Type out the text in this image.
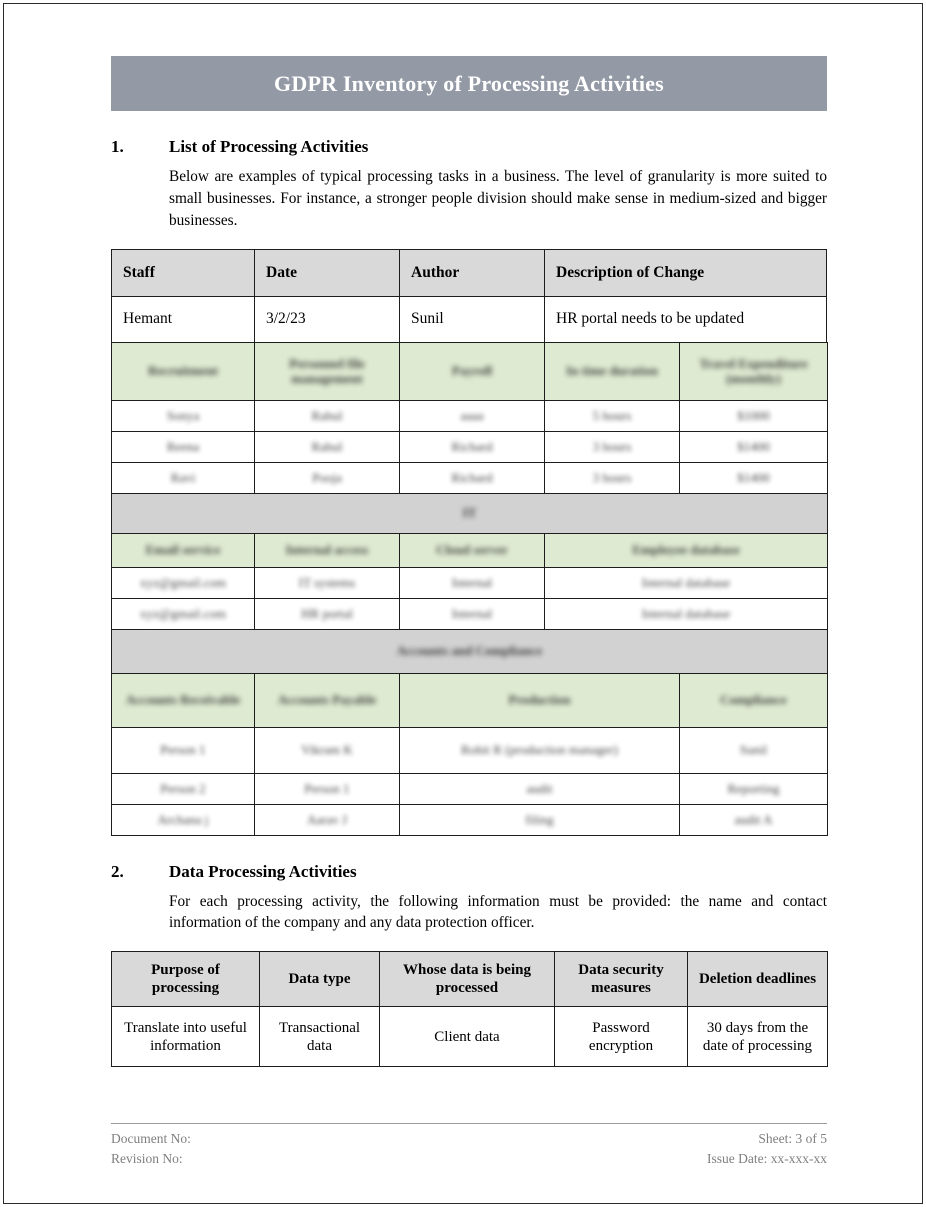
GDPR Inventory of Processing Activities
1.	List of Processing Activities
Below are examples of typical processing tasks in a business. The level of granularity is more suited to small businesses. For instance, a stronger people division should make sense in medium-sized and bigger businesses.
Staff	Date	Author	Description of Change
Hemant	3/2/23	Sunil	HR portal needs to be updated
Recruitment	Personnel file management	Payroll	In time duration	Travel Expenditure (monthly)
Sonya	Rahul	aaaa	5 hours	$1000
Reena	Rahul	Richard	3 hours	$1400
Ravi	Pooja	Richard	3 hours	$1400
IT				
Email service	Internal access	Cloud server	Employee database	
xyz@gmail.com	IT systems	Internal	Internal database	
xyz@gmail.com	HR portal	Internal	Internal database	
Accounts and Compliance				
Accounts Receivable	Accounts Payable	Production		Compliance
Person 1	Vikram K	Rohit R (production manager)		Sunil
Person 2	Person 1	audit		Reporting
Archana j	Aarav J	filing		audit A
2.	Data Processing Activities
For each processing activity, the following information must be provided: the name and contact information of the company and any data protection officer.
Purpose of processing	Data type	Whose data is being processed	Data security measures	Deletion deadlines
Translate into useful information	Transactional data	Client data	Password encryption	30 days from the date of processing
Document No:
Revision No:
Sheet: 3 of 5
Issue Date: xx-xxx-xx
